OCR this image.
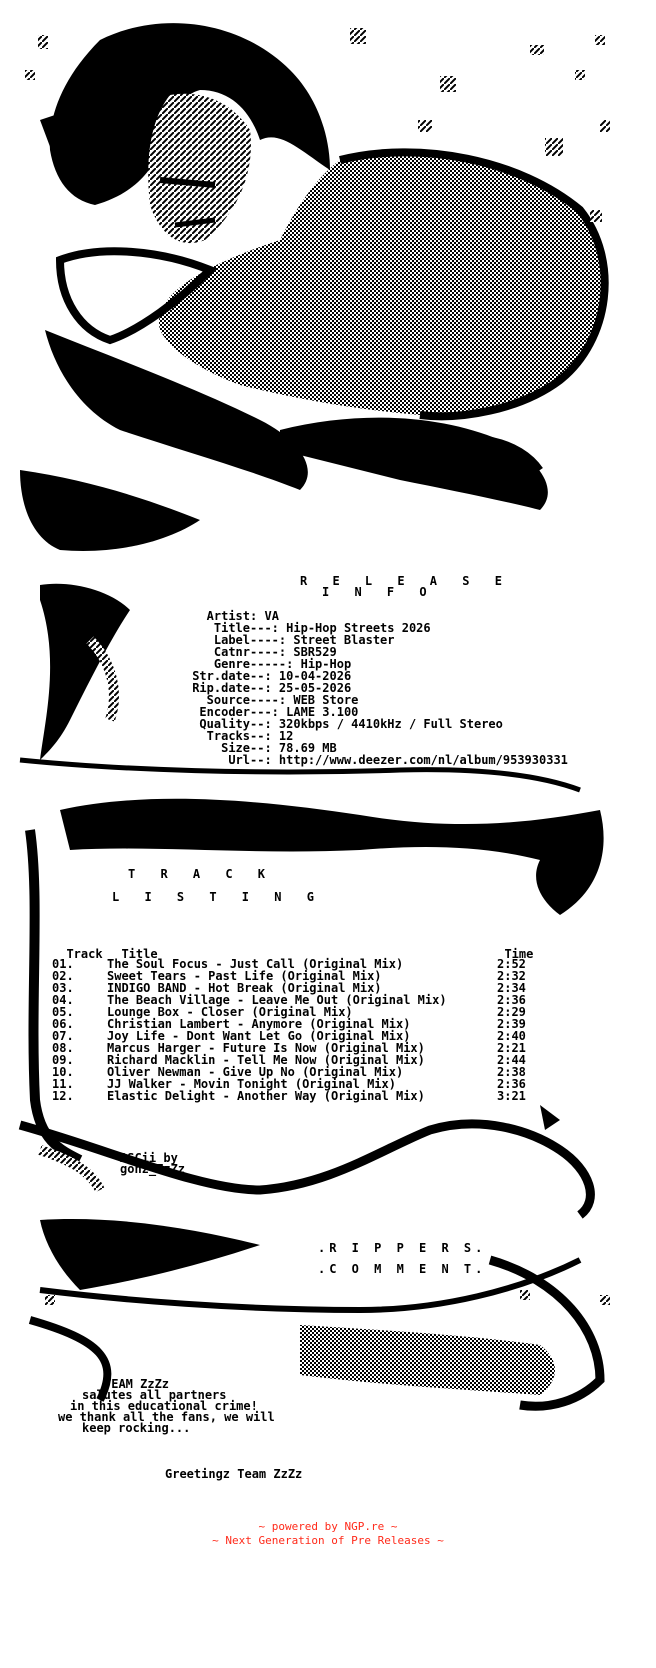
R E L E A S E
I N F O
Artist: VA
Title---: Hip-Hop Streets 2026
Label----: Street Blaster
Catnr----: SBR529
Genre-----: Hip-Hop
Str.date--: 10-04-2026
Rip.date--: 25-05-2026
Source----: WEB Store
Encoder---: LAME 3.100
Quality--: 320kbps / 4410kHz / Full Stereo
Tracks--: 12
Size--: 78.69 MB
Url--: http://www.deezer.com/nl/album/953930331
T R A C K
L I S T I N G

Track Title	Time

01.	The Soul Focus - Just Call (Original Mix)	2:52
02.	Sweet Tears - Past Life (Original Mix)	2:32
03.	INDIGO BAND - Hot Break (Original Mix)	2:34
04.	The Beach Village - Leave Me Out (Original Mix)	2:36
05.	Lounge Box - Closer (Original Mix)	2:29
06.	Christian Lambert - Anymore (Original Mix)	2:39
07.	Joy Life - Dont Want Let Go (Original Mix)	2:40
08.	Marcus Harger - Future Is Now (Original Mix)	2:21
09.	Richard Macklin - Tell Me Now (Original Mix)	2:44
10.	Oliver Newman - Give Up No (Original Mix)	2:38
11.	JJ Walker - Movin Tonight (Original Mix)	2:36
12.	Elastic Delight - Another Way (Original Mix)	3:21
ASCii by
gonz_ZzZz
.R I P P E R S.
.C O M M E N T.
TEAM ZzZz
salutes all partners
in this educational crime!
we thank all the fans, we will
keep rocking...
Greetingz Team ZzZz
~ powered by NGP.re ~
~ Next Generation of Pre Releases ~
